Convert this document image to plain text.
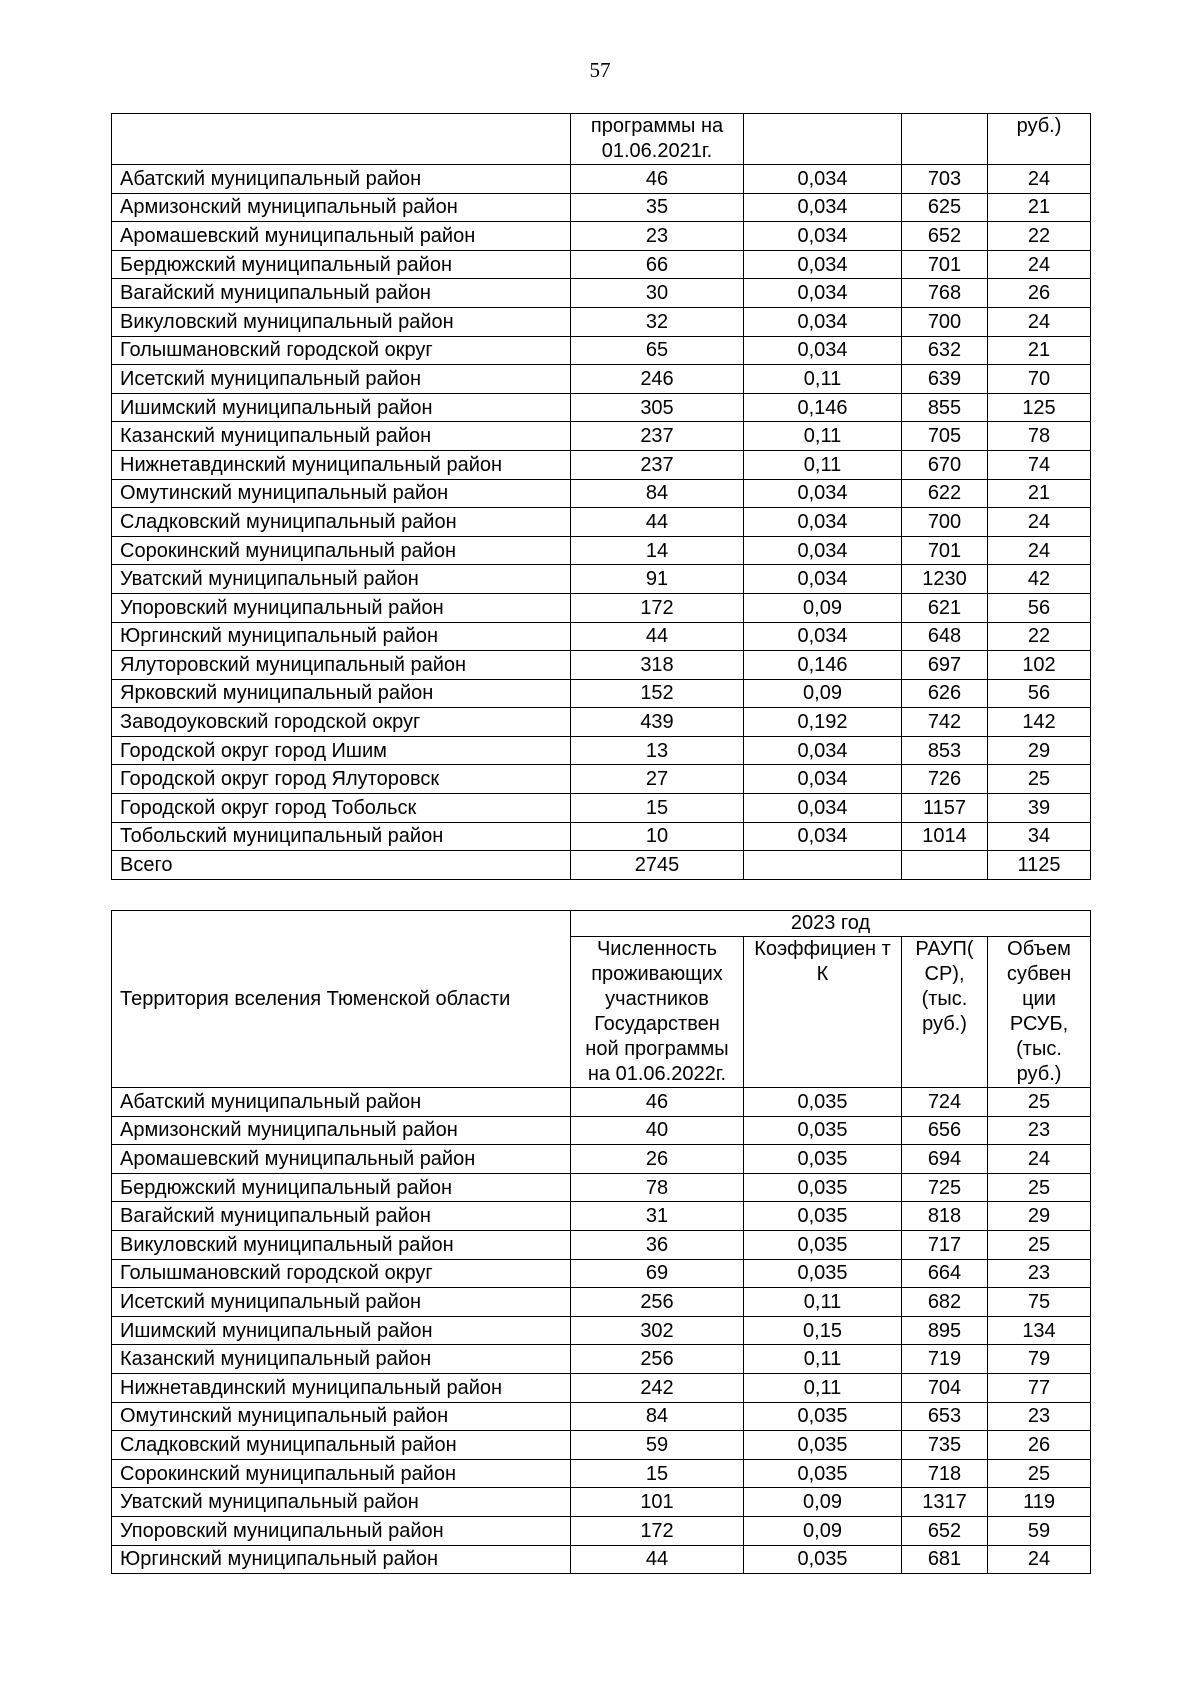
57
	программы на 01.06.2021г.			руб.)
Абатский муниципальный район	46	0,034	703	24
Армизонский муниципальный район	35	0,034	625	21
Аромашевский муниципальный район	23	0,034	652	22
Бердюжский муниципальный район	66	0,034	701	24
Вагайский муниципальный район	30	0,034	768	26
Викуловский муниципальный район	32	0,034	700	24
Голышмановский городской округ	65	0,034	632	21
Исетский муниципальный район	246	0,11	639	70
Ишимский муниципальный район	305	0,146	855	125
Казанский муниципальный район	237	0,11	705	78
Нижнетавдинский муниципальный район	237	0,11	670	74
Омутинский муниципальный район	84	0,034	622	21
Сладковский муниципальный район	44	0,034	700	24
Сорокинский муниципальный район	14	0,034	701	24
Уватский муниципальный район	91	0,034	1230	42
Упоровский муниципальный район	172	0,09	621	56
Юргинский муниципальный район	44	0,034	648	22
Ялуторовский муниципальный район	318	0,146	697	102
Ярковский муниципальный район	152	0,09	626	56
Заводоуковский городской округ	439	0,192	742	142
Городской округ город Ишим	13	0,034	853	29
Городской округ город Ялуторовск	27	0,034	726	25
Городской округ город Тобольск	15	0,034	1157	39
Тобольский муниципальный район	10	0,034	1014	34
Всего	2745			1125
Территория вселения Тюменской области	2023 год			
	Численность проживающих участников Государствен ной программы на 01.06.2022г.	Коэффициен т К	РАУП( СР), (тыс. руб.)	Объем субвен ции РСУБ, (тыс. руб.)
Абатский муниципальный район	46	0,035	724	25
Армизонский муниципальный район	40	0,035	656	23
Аромашевский муниципальный район	26	0,035	694	24
Бердюжский муниципальный район	78	0,035	725	25
Вагайский муниципальный район	31	0,035	818	29
Викуловский муниципальный район	36	0,035	717	25
Голышмановский городской округ	69	0,035	664	23
Исетский муниципальный район	256	0,11	682	75
Ишимский муниципальный район	302	0,15	895	134
Казанский муниципальный район	256	0,11	719	79
Нижнетавдинский муниципальный район	242	0,11	704	77
Омутинский муниципальный район	84	0,035	653	23
Сладковский муниципальный район	59	0,035	735	26
Сорокинский муниципальный район	15	0,035	718	25
Уватский муниципальный район	101	0,09	1317	119
Упоровский муниципальный район	172	0,09	652	59
Юргинский муниципальный район	44	0,035	681	24
